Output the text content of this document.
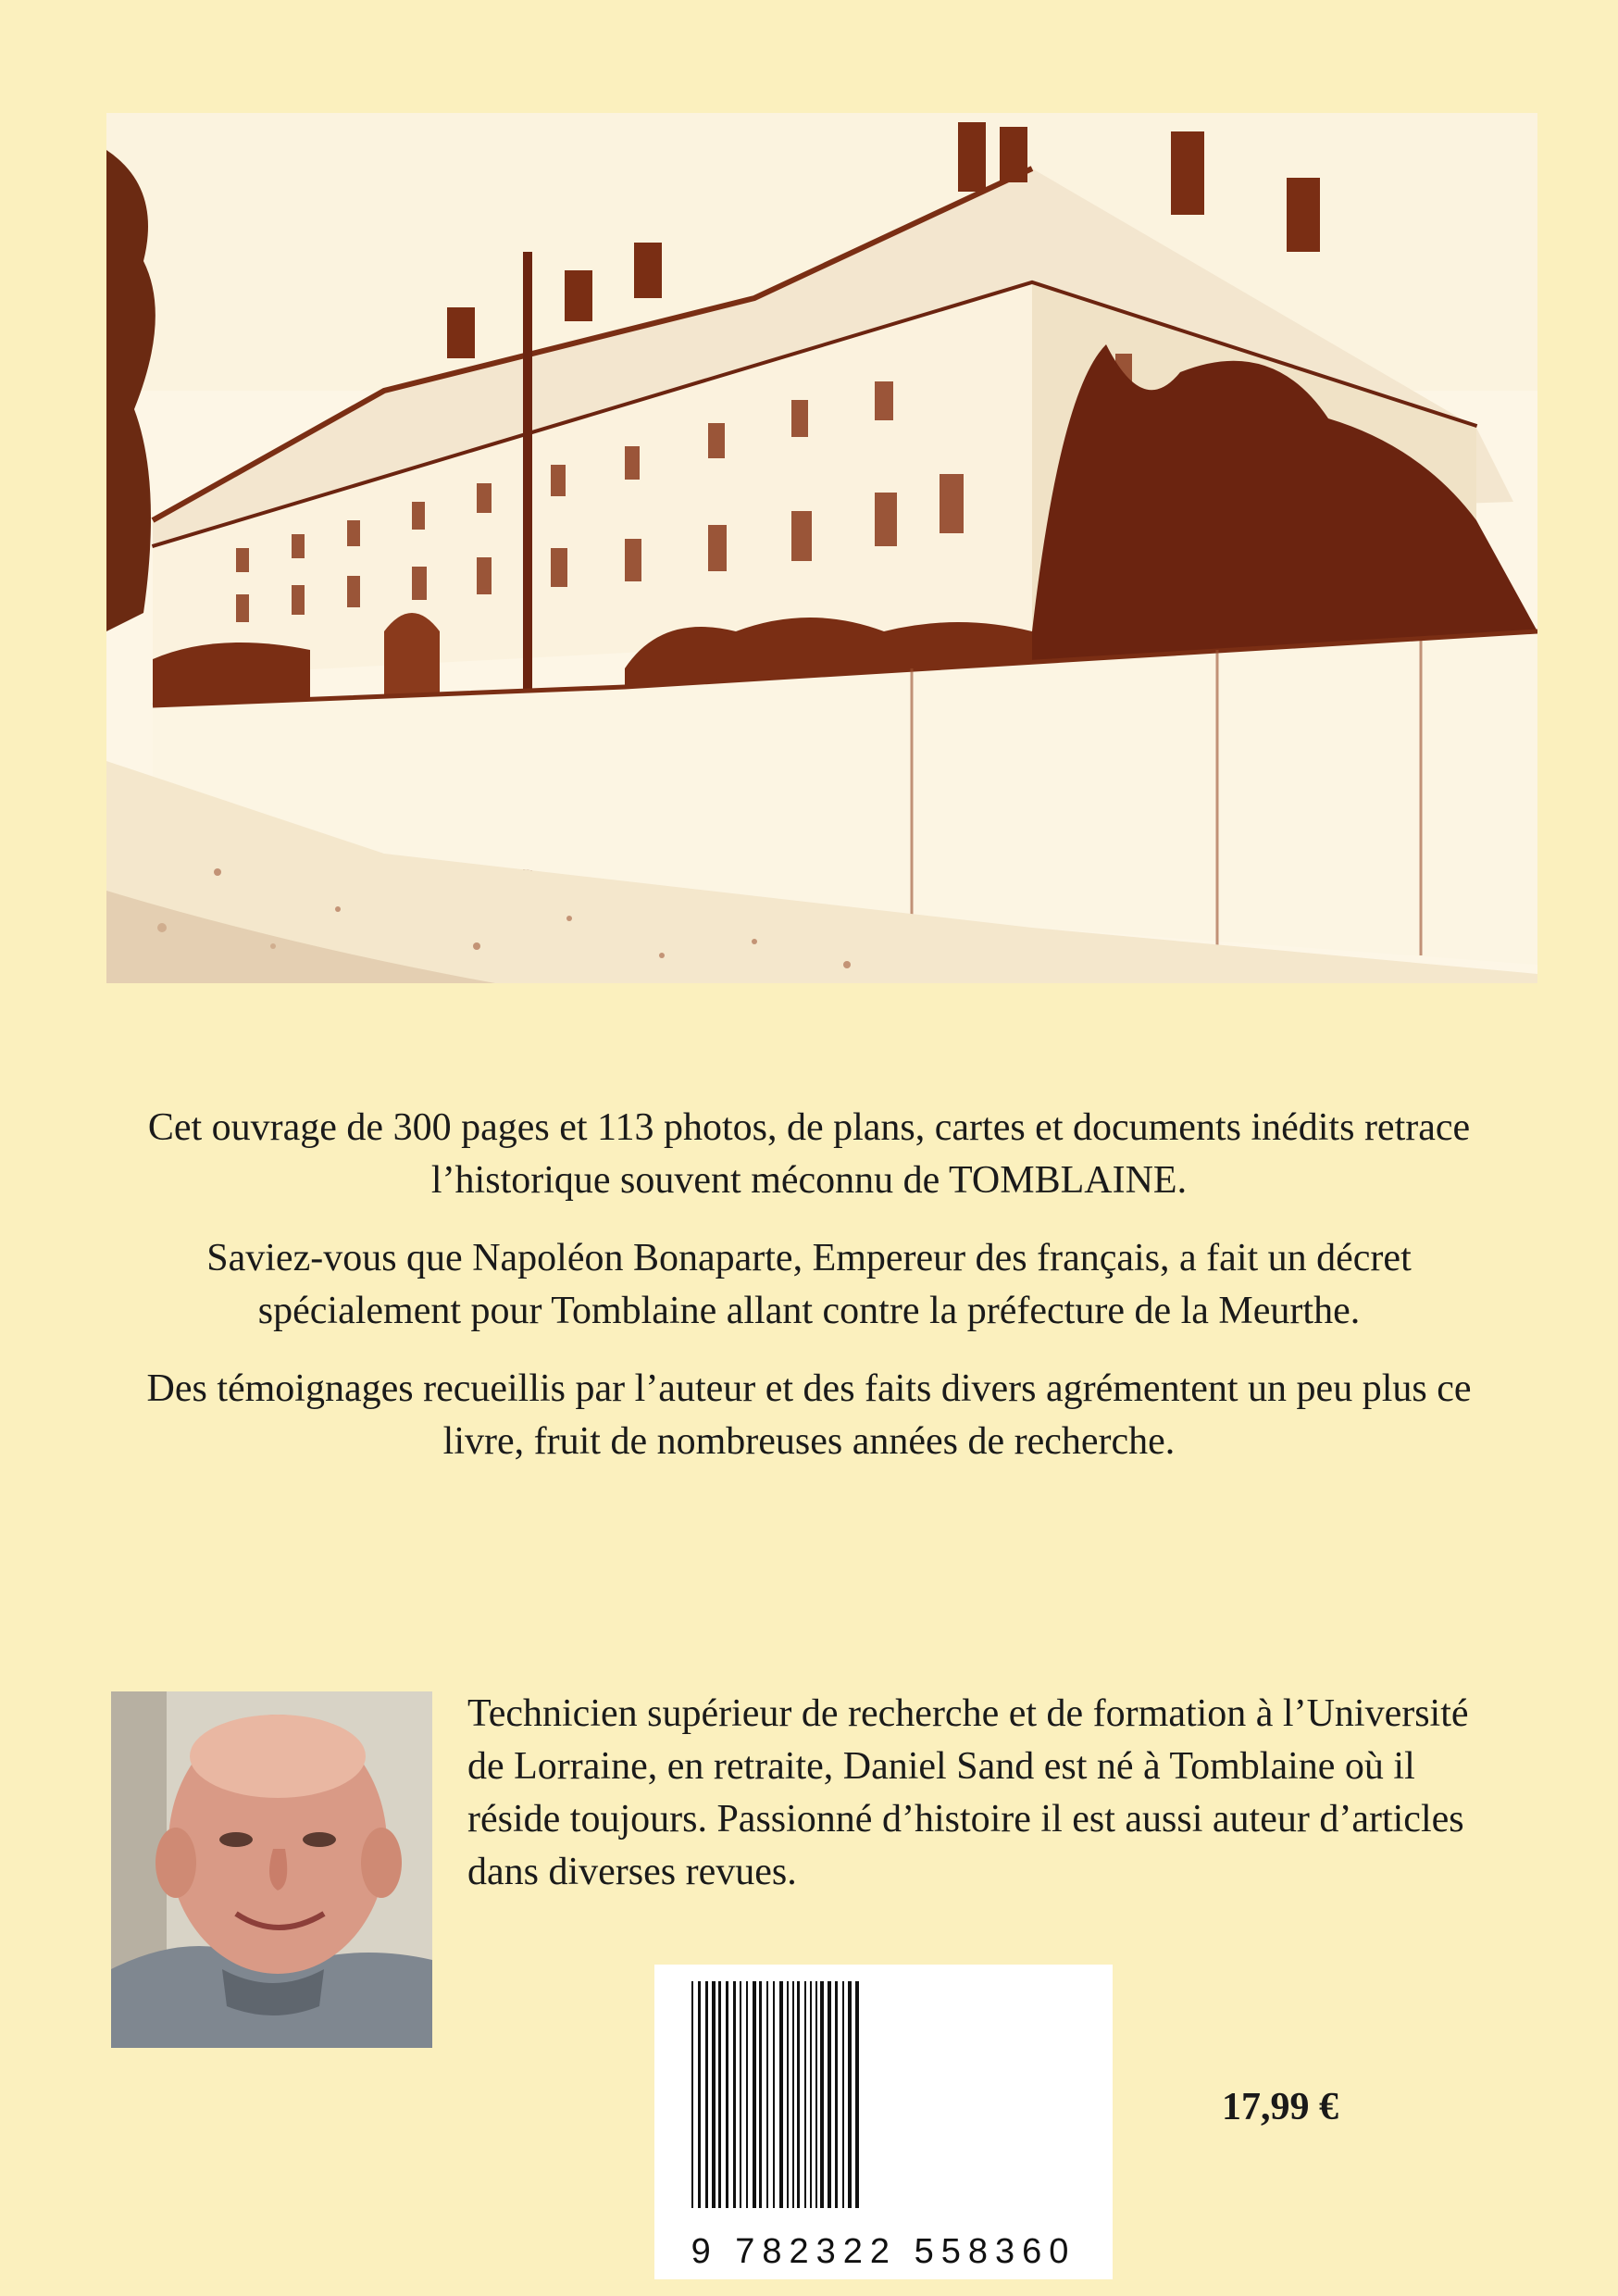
Cet ouvrage de 300 pages et 113 photos, de plans, cartes et documents inédits retrace l’historique souvent méconnu de TOMBLAINE.

Saviez-vous que Napoléon Bonaparte, Empereur des français, a fait un décret spécialement pour Tomblaine allant contre la préfecture de la Meurthe.

Des témoignages recueillis par l’auteur et des faits divers agrémentent un peu plus ce livre, fruit de nombreuses années de recherche.

Technicien supérieur de recherche et de formation à l’Université de Lorraine, en retraite, Daniel Sand est né à Tomblaine où il réside toujours. Passionné d’histoire il est aussi auteur d’articles dans diverses revues.
9 782322 558360
17,99 €
